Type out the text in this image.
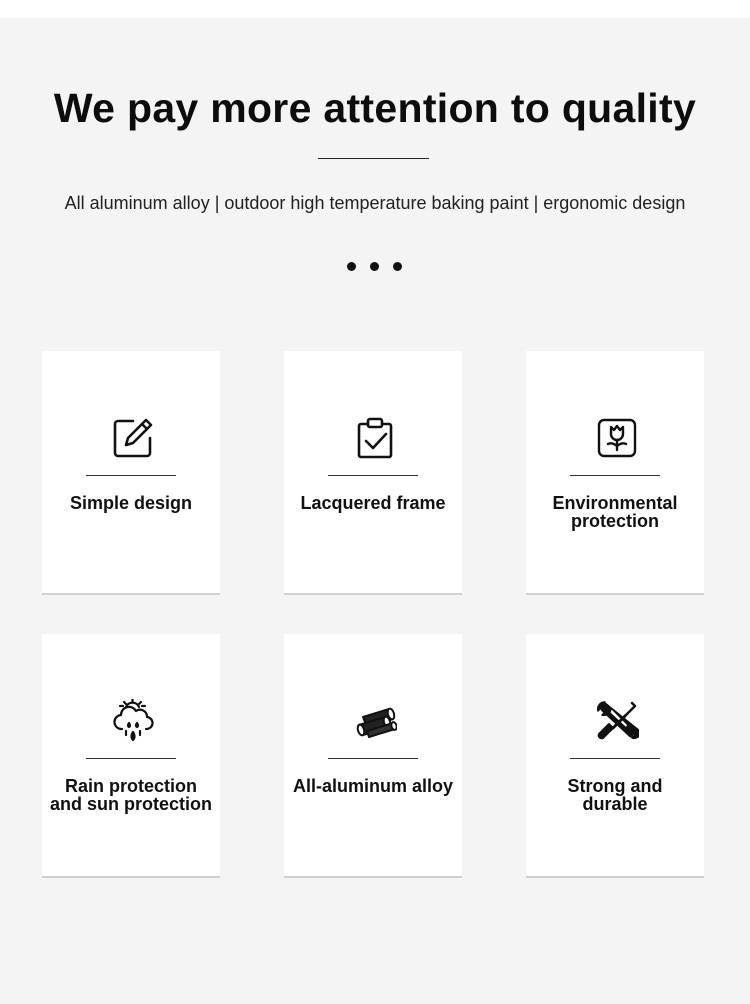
We pay more attention to quality

All aluminum alloy | outdoor high temperature baking paint | ergonomic design

Simple design	Lacquered frame	Environmental
protection
Rain protection
and sun protection
All-aluminum alloy	Strong and
durable
